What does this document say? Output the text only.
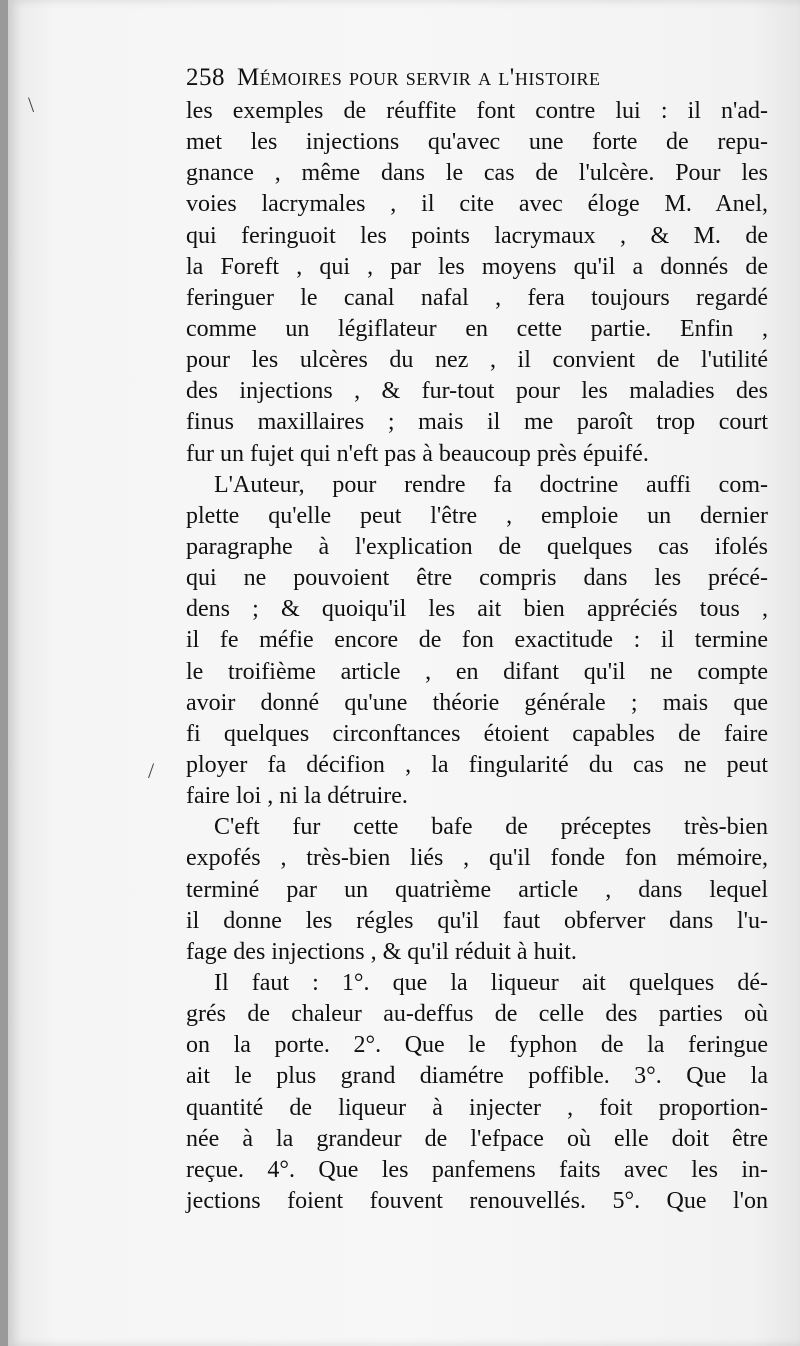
\
/
258 Mémoires pour servir a l'histoire
les exemples de réuffite font contre lui : il n'ad-
met les injections qu'avec une forte de repu-
gnance , même dans le cas de l'ulcère. Pour les
voies lacrymales , il cite avec éloge M. Anel,
qui feringuoit les points lacrymaux , & M. de
la Foreft , qui , par les moyens qu'il a donnés de
feringuer le canal nafal , fera toujours regardé
comme un légiflateur en cette partie. Enfin ,
pour les ulcères du nez , il convient de l'utilité
des injections , & fur-tout pour les maladies des
finus maxillaires ; mais il me paroît trop court
fur un fujet qui n'eft pas à beaucoup près épuifé.
L'Auteur, pour rendre fa doctrine auffi com-
plette qu'elle peut l'être , emploie un dernier
paragraphe à l'explication de quelques cas ifolés
qui ne pouvoient être compris dans les précé-
dens ; & quoiqu'il les ait bien appréciés tous ,
il fe méfie encore de fon exactitude : il termine
le troifième article , en difant qu'il ne compte
avoir donné qu'une théorie générale ; mais que
fi quelques circonftances étoient capables de faire
ployer fa décifion , la fingularité du cas ne peut
faire loi , ni la détruire.
C'eft fur cette bafe de préceptes très-bien
expofés , très-bien liés , qu'il fonde fon mémoire,
terminé par un quatrième article , dans lequel
il donne les régles qu'il faut obferver dans l'u-
fage des injections , & qu'il réduit à huit.
Il faut : 1°. que la liqueur ait quelques dé-
grés de chaleur au-deffus de celle des parties où
on la porte. 2°. Que le fyphon de la feringue
ait le plus grand diamétre poffible. 3°. Que la
quantité de liqueur à injecter , foit proportion-
née à la grandeur de l'efpace où elle doit être
reçue. 4°. Que les panfemens faits avec les in-
jections foient fouvent renouvellés. 5°. Que l'on
